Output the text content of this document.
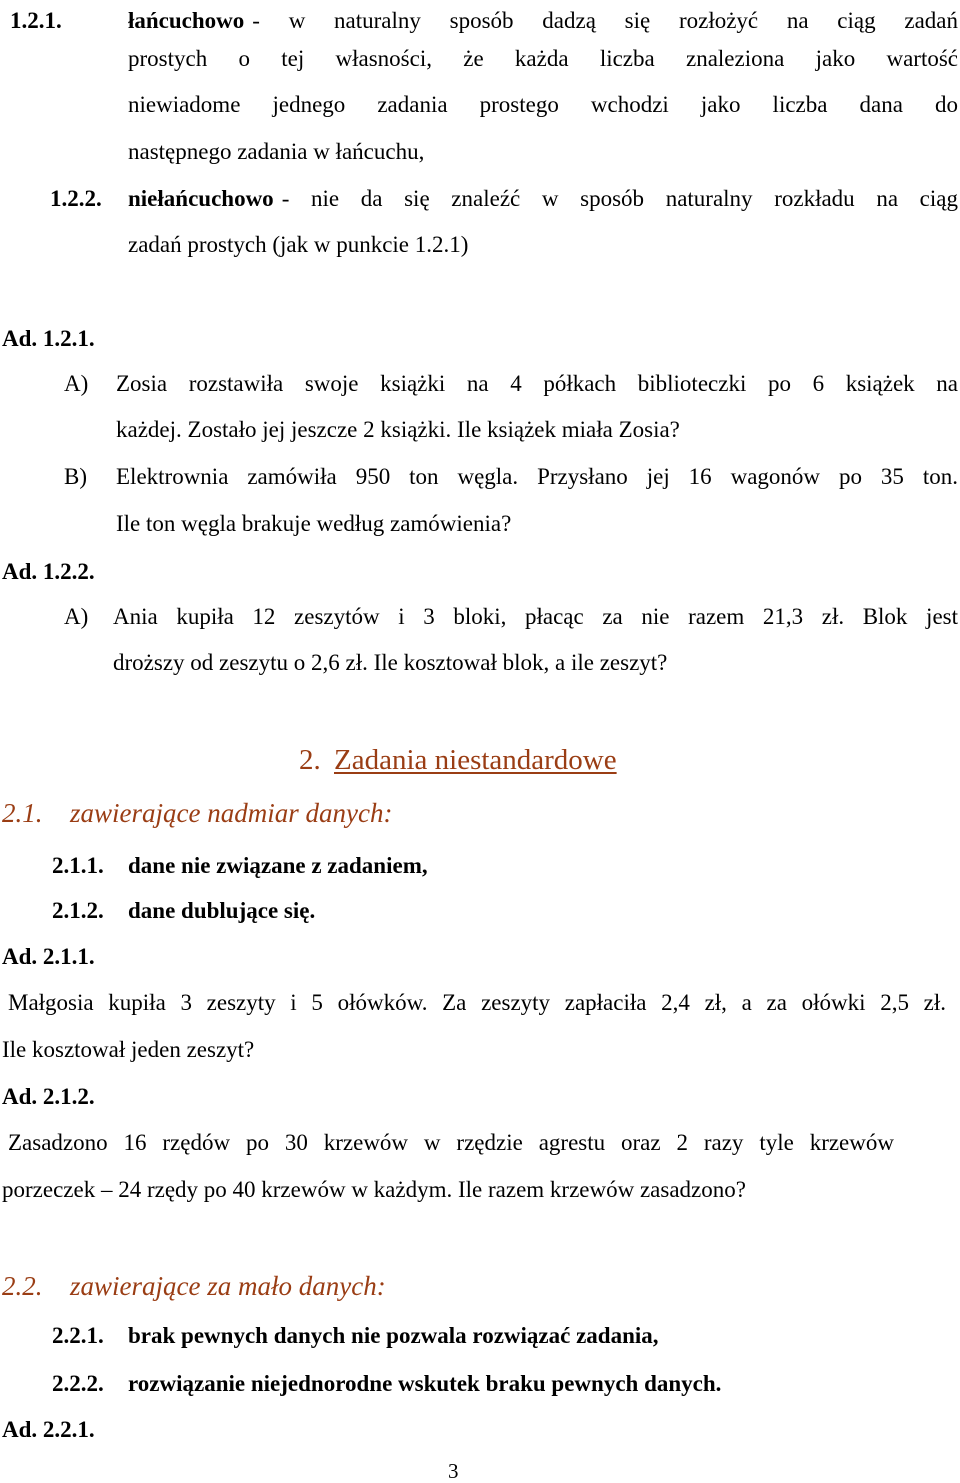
1.2.1.	łańcuchowo - w naturalny sposób dadzą się rozłożyć na ciąg zadań
prostych o tej własności, że każda liczba znaleziona jako wartość
niewiadome jednego zadania prostego wchodzi jako liczba dana do
następnego zadania w łańcuchu,
1.2.2.	niełańcuchowo - nie da się znaleźć w sposób naturalny rozkładu na ciąg
zadań prostych (jak w punkcie 1.2.1)
Ad. 1.2.1.
A) Zosia rozstawiła swoje książki na 4 półkach biblioteczki po 6 książek na
każdej. Zostało jej jeszcze 2 książki. Ile książek miała Zosia?
B) Elektrownia zamówiła 950 ton węgla. Przysłano jej 16 wagonów po 35 ton.
Ile ton węgla brakuje według zamówienia?
Ad. 1.2.2.
A) Ania kupiła 12 zeszytów i 3 bloki, płacąc za nie razem 21,3 zł. Blok jest
droższy od zeszytu o 2,6 zł. Ile kosztował blok, a ile zeszyt?
2. Zadania niestandardowe
2.1. zawierające nadmiar danych:
2.1.1. dane nie związane z zadaniem,
2.1.2. dane dublujące się.
Ad. 2.1.1.
Małgosia kupiła 3 zeszyty i 5 ołówków. Za zeszyty zapłaciła 2,4 zł, a za ołówki 2,5 zł.
Ile kosztował jeden zeszyt?
Ad. 2.1.2.
Zasadzono 16 rzędów po 30 krzewów w rzędzie agrestu oraz 2 razy tyle krzewów
porzeczek – 24 rzędy po 40 krzewów w każdym. Ile razem krzewów zasadzono?
2.2. zawierające za mało danych:
2.2.1. brak pewnych danych nie pozwala rozwiązać zadania,
2.2.2. rozwiązanie niejednorodne wskutek braku pewnych danych.
Ad. 2.2.1.
3
